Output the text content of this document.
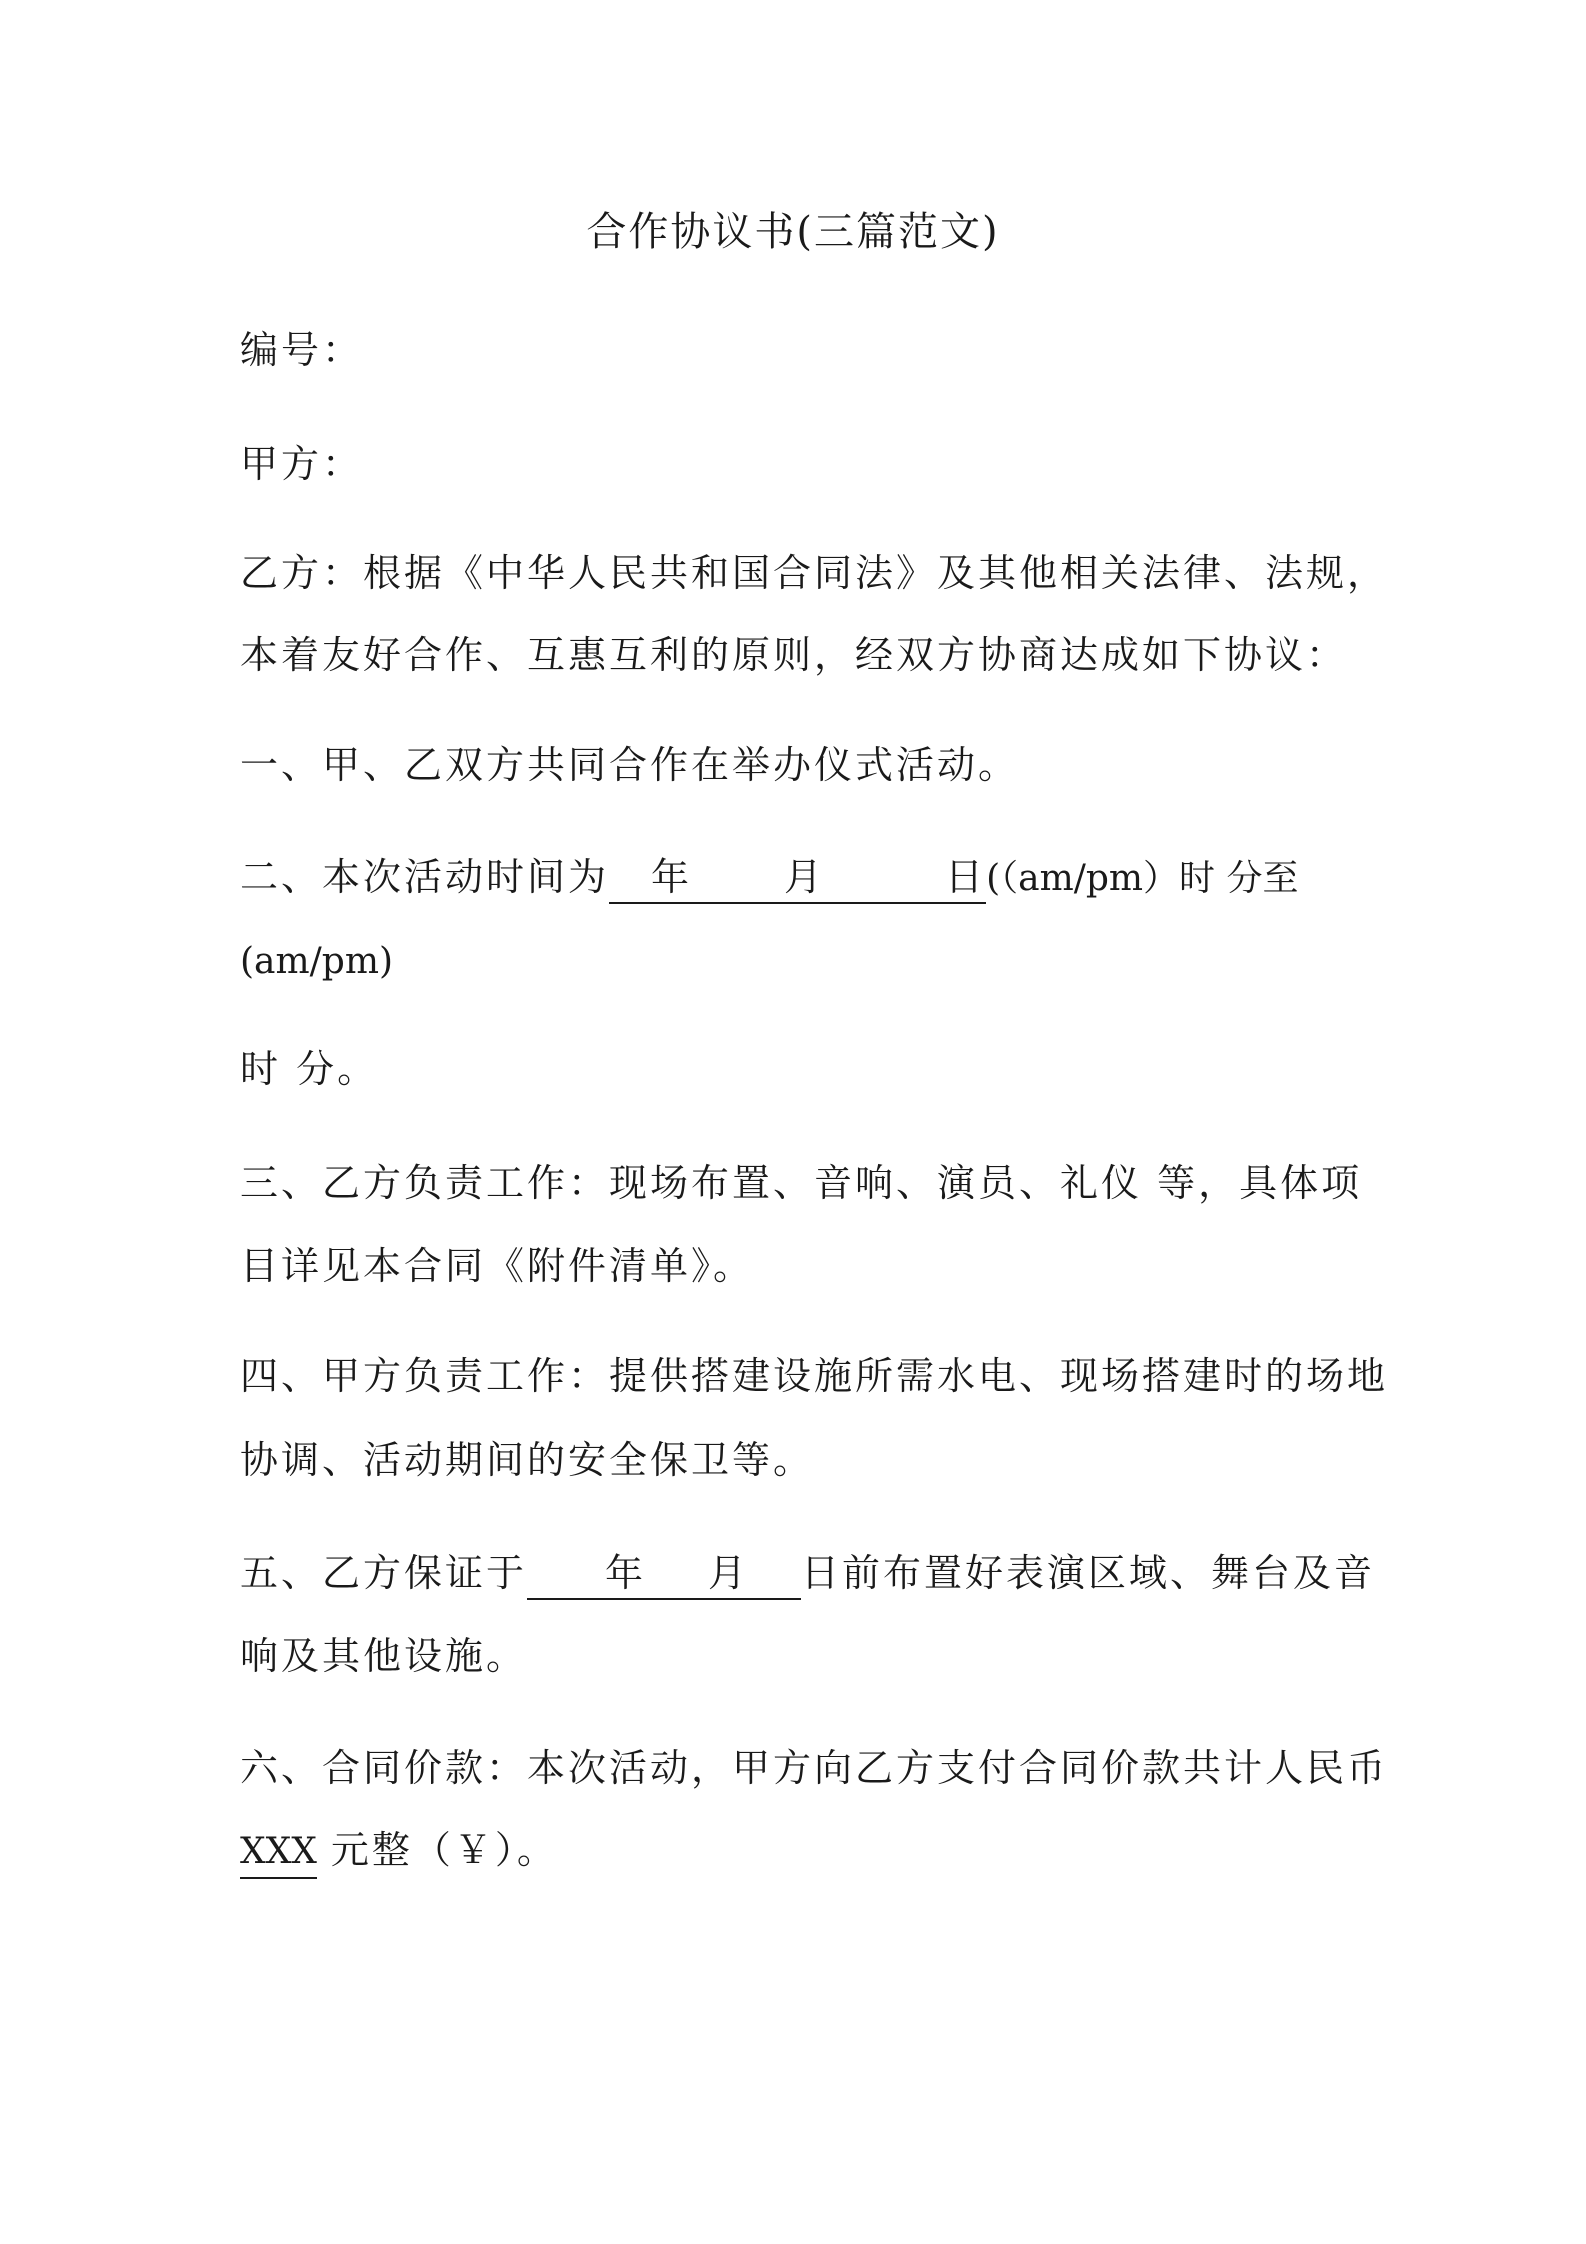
合作协议书(三篇范文)
编号：
甲方：
乙方：根据《中华人民共和国合同法》及其他相关法律、法规，
本着友好合作、互惠互利的原则，经双方协商达成如下协议：
一、甲、乙双方共同合作在举办仪式活动。
二、本次活动时间为 年 月	日(（am/pm）时 分至
(am/pm)
时 分。
三、乙方负责工作：现场布置、音响、演员、礼仪 等，具体项
目详见本合同《附件清单》。
四、甲方负责工作：提供搭建设施所需水电、现场搭建时的场地
协调、活动期间的安全保卫等。
五、乙方保证于 年 月 日前布置好表演区域、舞台及音
响及其他设施。
六、合同价款：本次活动，甲方向乙方支付合同价款共计人民币
XXX 元整（￥）。
